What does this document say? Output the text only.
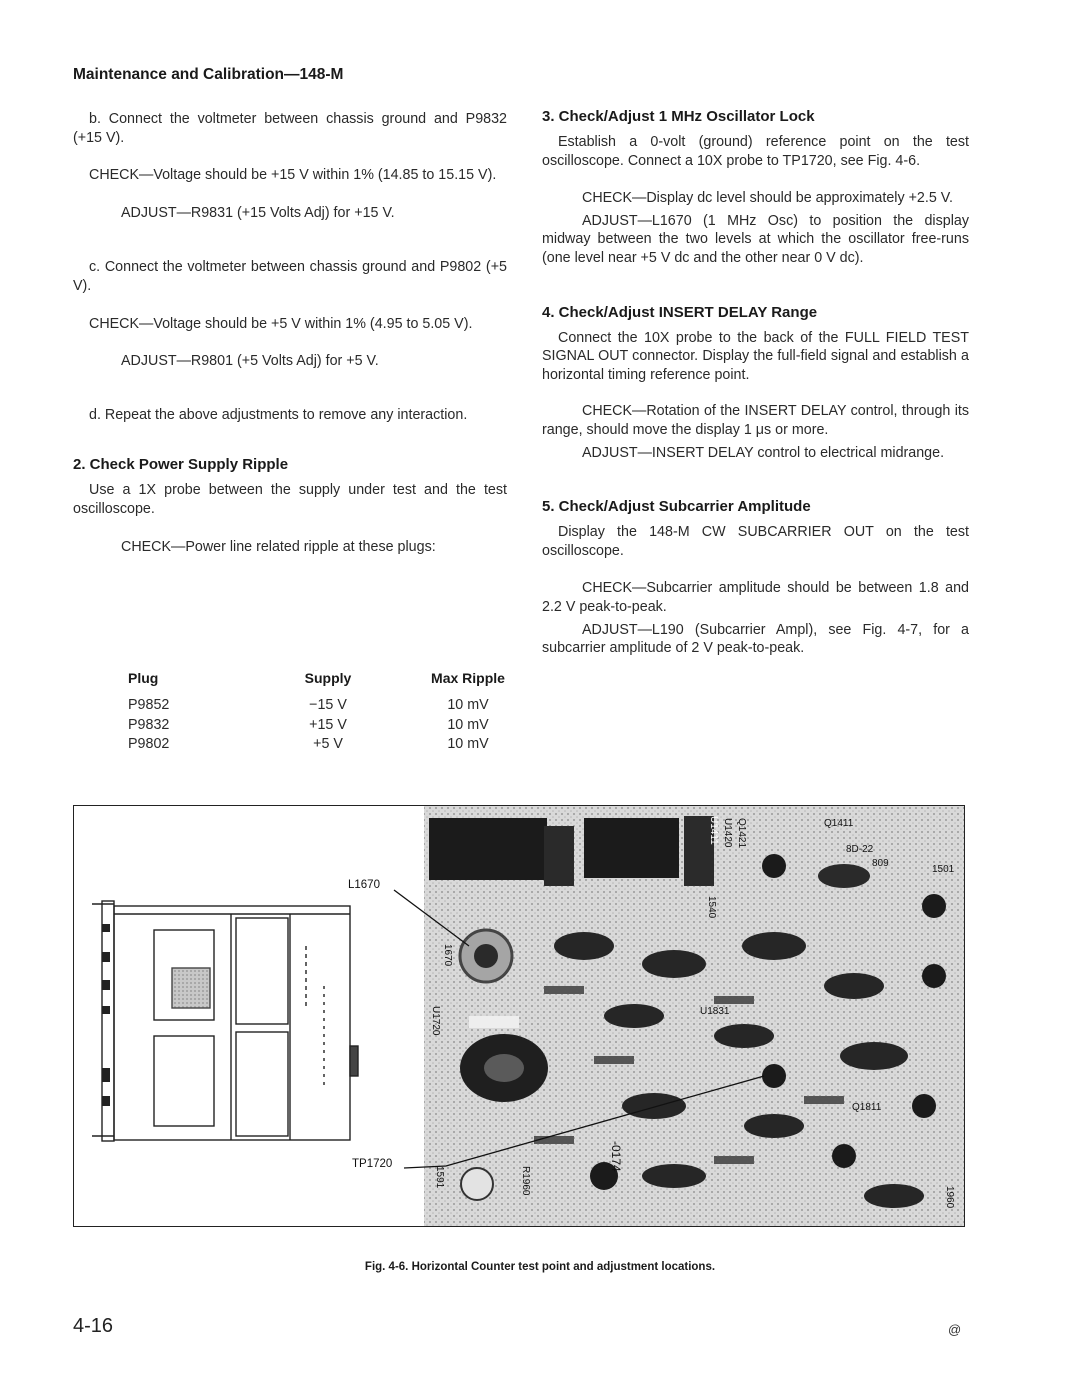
Maintenance and Calibration—148-M

b. Connect the voltmeter between chassis ground and P9832 (+15 V).

CHECK—Voltage should be +15 V within 1% (14.85 to 15.15 V).

ADJUST—R9831 (+15 Volts Adj) for +15 V.

c. Connect the voltmeter between chassis ground and P9802 (+5 V).

CHECK—Voltage should be +5 V within 1% (4.95 to 5.05 V).

ADJUST—R9801 (+5 Volts Adj) for +5 V.

d. Repeat the above adjustments to remove any interaction.

2. Check Power Supply Ripple

Use a 1X probe between the supply under test and the test oscilloscope.

CHECK—Power line related ripple at these plugs:

Plug	Supply	Max Ripple
P9852	−15 V	10 mV
P9832	+15 V	10 mV
P9802	+5 V	10 mV
3. Check/Adjust 1 MHz Oscillator Lock

Establish a 0-volt (ground) reference point on the test oscilloscope. Connect a 10X probe to TP1720, see Fig. 4-6.

CHECK—Display dc level should be approximately +2.5 V.

ADJUST—L1670 (1 MHz Osc) to position the display midway between the two levels at which the oscillator free-runs (one level near +5 V dc and the other near 0 V dc).

4. Check/Adjust INSERT DELAY Range

Connect the 10X probe to the back of the FULL FIELD TEST SIGNAL OUT connector. Display the full-field signal and establish a horizontal timing reference point.

CHECK—Rotation of the INSERT DELAY control, through its range, should move the display 1 μs or more.

ADJUST—INSERT DELAY control to electrical midrange.

5. Check/Adjust Subcarrier Amplitude

Display the 148-M CW SUBCARRIER OUT on the test oscilloscope.

CHECK—Subcarrier amplitude should be between 1.8 and 2.2 V peak-to-peak.

ADJUST—L190 (Subcarrier Ampl), see Fig. 4-7, for a subcarrier amplitude of 2 V peak-to-peak.

L1670
TP1720
U1411	Q1411
U1420 Q1421
1501
1540
1670
U1720	U1831
Q1811
-0174
R1960
1591
1960
8D-22
809
Fig. 4-6. Horizontal Counter test point and adjustment locations.
4-16	@
